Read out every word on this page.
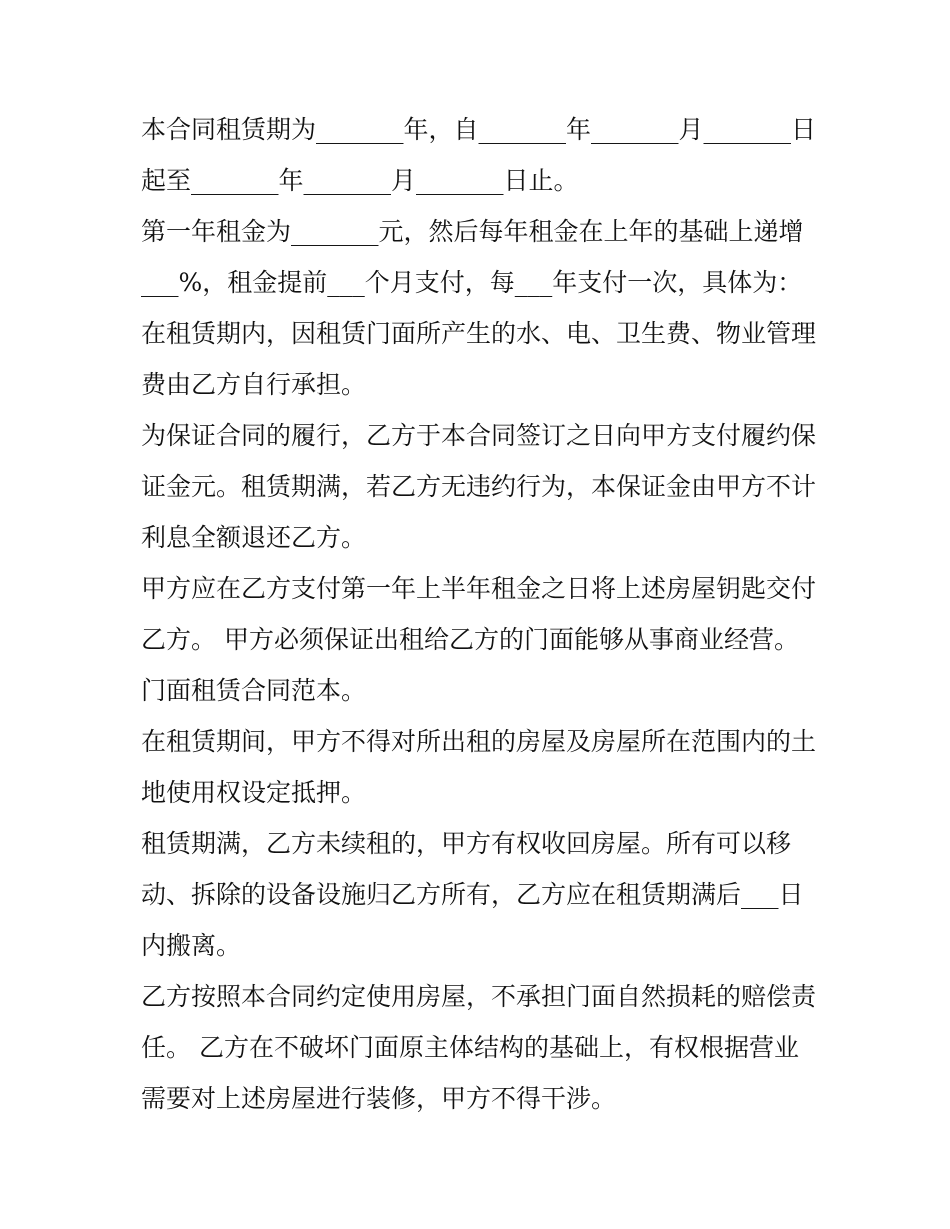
本合同租赁期为_______年，自_______年_______月_______日
起至_______年_______月_______日止。
第一年租金为_______元，然后每年租金在上年的基础上递增
___%，租金提前___个月支付，每___年支付一次，具体为：
在租赁期内，因租赁门面所产生的水、电、卫生费、物业管理
费由乙方自行承担。
为保证合同的履行，乙方于本合同签订之日向甲方支付履约保
证金元。租赁期满，若乙方无违约行为，本保证金由甲方不计
利息全额退还乙方。
甲方应在乙方支付第一年上半年租金之日将上述房屋钥匙交付
乙方。 甲方必须保证出租给乙方的门面能够从事商业经营。
门面租赁合同范本。
在租赁期间，甲方不得对所出租的房屋及房屋所在范围内的土
地使用权设定抵押。
租赁期满，乙方未续租的，甲方有权收回房屋。所有可以移
动、拆除的设备设施归乙方所有，乙方应在租赁期满后___日
内搬离。
乙方按照本合同约定使用房屋，不承担门面自然损耗的赔偿责
任。 乙方在不破坏门面原主体结构的基础上，有权根据营业
需要对上述房屋进行装修，甲方不得干涉。
